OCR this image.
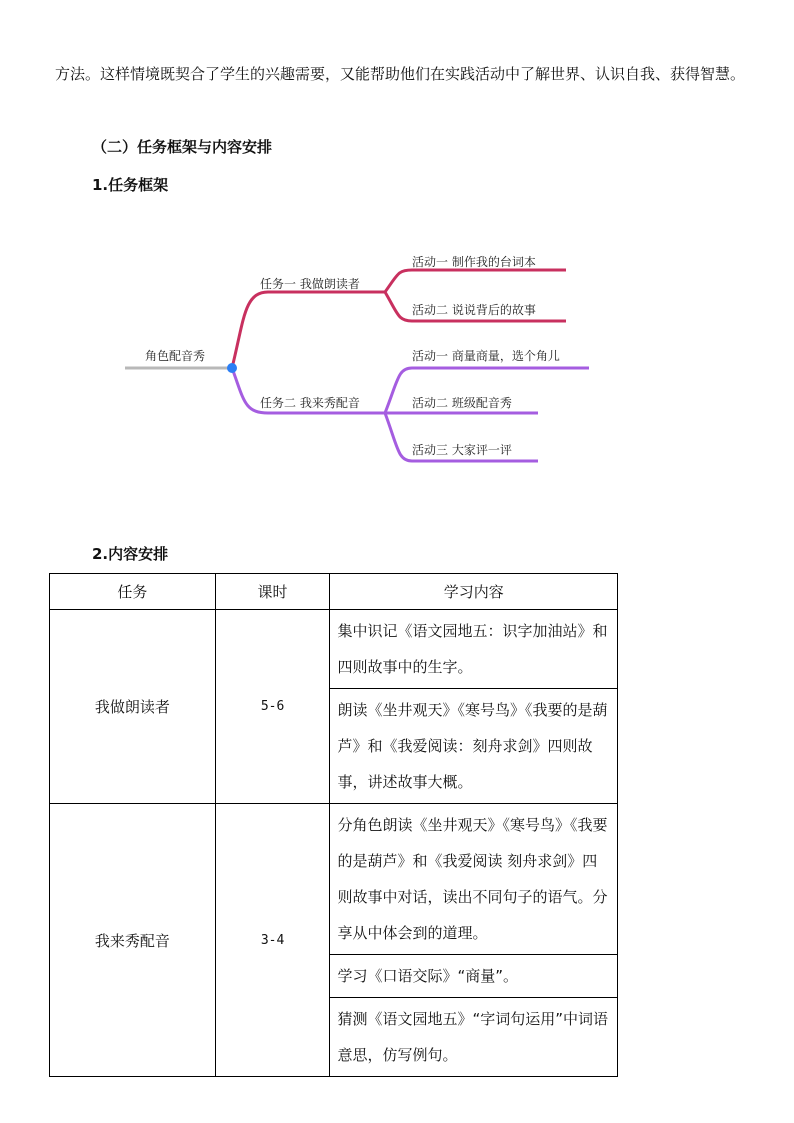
方法。这样情境既契合了学生的兴趣需要，又能帮助他们在实践活动中了解世界、认识自我、获得智慧。
（二）任务框架与内容安排
1.任务框架
角色配音秀
任务一 我做朗读者
活动一 制作我的台词本
活动二 说说背后的故事
任务二 我来秀配音
活动一 商量商量，选个角儿
活动二 班级配音秀
活动三 大家评一评
2.内容安排
任务	课时	学习内容
我做朗读者	5-6	集中识记《语文园地五：识字加油站》和四则故事中的生字。
		朗读《坐井观天》《寒号鸟》《我要的是葫芦》和《我爱阅读：刻舟求剑》四则故事，讲述故事大概。
我来秀配音	3-4	分角色朗读《坐井观天》《寒号鸟》《我要的是葫芦》和《我爱阅读 刻舟求剑》四则故事中对话，读出不同句子的语气。分享从中体会到的道理。
		学习《口语交际》“商量”。
		猜测《语文园地五》“字词句运用”中词语意思，仿写例句。
